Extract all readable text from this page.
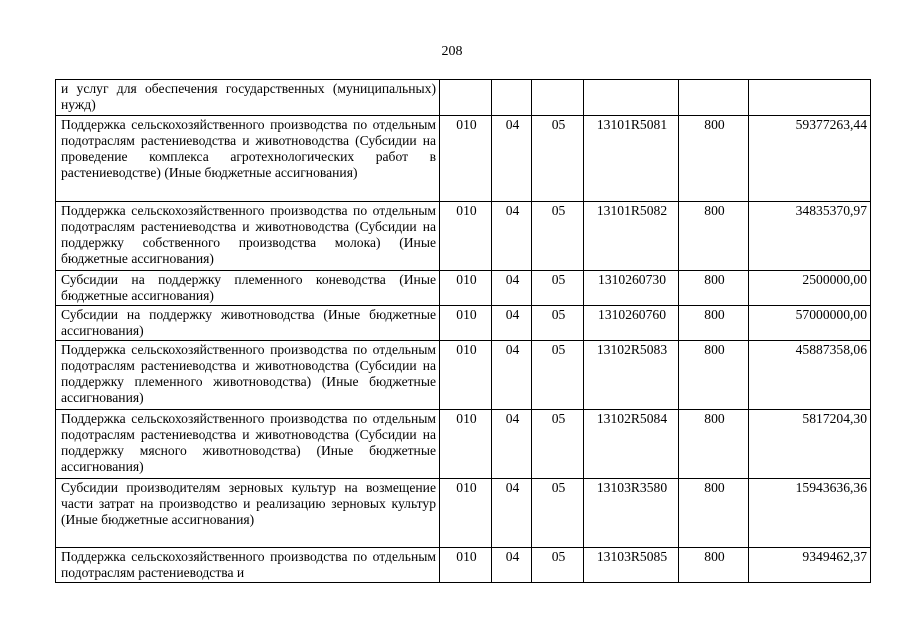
208
и услуг для обеспечения государственных (муниципальных) нужд)						
Поддержка сельскохозяйственного производства по отдельным подотраслям растениеводства и животноводства (Субсидии на проведение комплекса агротехнологических работ в растениеводстве) (Иные бюджетные ассигнования)	010	04	05	13101R5081	800	59377263,44
Поддержка сельскохозяйственного производства по отдельным подотраслям растениеводства и животноводства (Субсидии на поддержку собственного производства молока) (Иные бюджетные ассигнования)	010	04	05	13101R5082	800	34835370,97
Субсидии на поддержку племенного коневодства (Иные бюджетные ассигнования)	010	04	05	1310260730	800	2500000,00
Субсидии на поддержку животноводства (Иные бюджетные ассигнования)	010	04	05	1310260760	800	57000000,00
Поддержка сельскохозяйственного производства по отдельным подотраслям растениеводства и животноводства (Субсидии на поддержку племенного животноводства) (Иные бюджетные ассигнования)	010	04	05	13102R5083	800	45887358,06
Поддержка сельскохозяйственного производства по отдельным подотраслям растениеводства и животноводства (Субсидии на поддержку мясного животноводства) (Иные бюджетные ассигнования)	010	04	05	13102R5084	800	5817204,30
Субсидии производителям зерновых культур на возмещение части затрат на производство и реализацию зерновых культур (Иные бюджетные ассигнования)	010	04	05	13103R3580	800	15943636,36
Поддержка сельскохозяйственного производства по отдельным подотраслям растениеводства и	010	04	05	13103R5085	800	9349462,37
